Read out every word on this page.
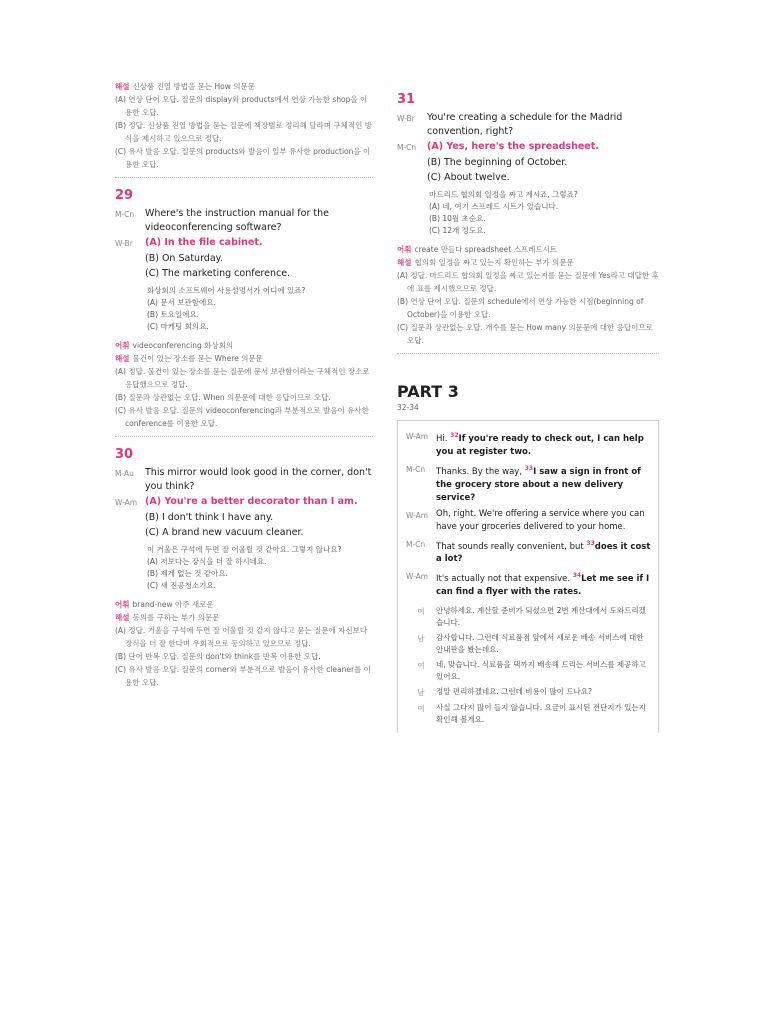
해설 신상품 진열 방법을 묻는 How 의문문

(A) 연상 단어 오답. 질문의 display와 products에서 연상 가능한 shop을 이용한 오답.

(B) 정답. 신상품 진열 방법을 묻는 질문에 책장별로 정리해 달라며 구체적인 방식을 제시하고 있으므로 정답.

(C) 유사 발음 오답. 질문의 products와 발음이 일부 유사한 production을 이용한 오답.

29
M-Cn	Where's the instruction manual for the videoconferencing software?
W-Br	(A) In the file cabinet.
(B) On Saturday.
(C) The marketing conference.

화상회의 소프트웨어 사용설명서가 어디에 있죠?

(A) 문서 보관함에요.

(B) 토요일에요.

(C) 마케팅 회의요.

어휘 videoconferencing 화상회의

해설 물건이 있는 장소를 묻는 Where 의문문

(A) 정답. 물건이 있는 장소를 묻는 질문에 문서 보관함이라는 구체적인 장소로 응답했으므로 정답.

(B) 질문과 상관없는 오답. When 의문문에 대한 응답이므로 오답.

(C) 유사 발음 오답. 질문의 videoconferencing과 부분적으로 발음이 유사한 conference를 이용한 오답.

30
M-Au	This mirror would look good in the corner, don't you think?
W-Am (A) You're a better decorator than I am.
(B) I don't think I have any.
(C) A brand new vacuum cleaner.

이 거울은 구석에 두면 잘 어울릴 것 같아요. 그렇지 않나요?

(A) 저보다는 장식을 더 잘 하시네요.

(B) 제게 없는 것 같아요.

(C) 새 진공청소기요.

어휘 brand-new 아주 새로운

해설 동의를 구하는 부가 의문문

(A) 정답. 거울을 구석에 두면 잘 어울릴 것 같지 않냐고 묻는 질문에 자신보다 장식을 더 잘 한다며 우회적으로 동의하고 있으므로 정답.

(B) 단어 반복 오답. 질문의 don't와 think를 반복 이용한 오답.

(C) 유사 발음 오답. 질문의 corner와 부분적으로 발음이 유사한 cleaner를 이용한 오답.

31
W-Br	You're creating a schedule for the Madrid convention, right?
M-Cn	(A) Yes, here's the spreadsheet.
(B) The beginning of October.
(C) About twelve.

마드리드 협의회 일정을 짜고 계시죠, 그렇죠?

(A) 네, 여기 스프레드 시트가 있습니다.

(B) 10월 초순요.

(C) 12개 정도요.

어휘 create 만들다 spreadsheet 스프레드시트

해설 협의회 일정을 짜고 있는지 확인하는 부가 의문문

(A) 정답. 마드리드 협의회 일정을 짜고 있는지를 묻는 질문에 Yes라고 대답한 후에 표를 제시했으므로 정답.

(B) 연상 단어 오답. 질문의 schedule에서 연상 가능한 시점(beginning of October)을 이용한 오답.

(C) 질문과 상관없는 오답. 개수를 묻는 How many 의문문에 대한 응답이므로 오답.

PART 3
32-34
W-Am Hi. $^{32}$If you're ready to check out, I can help you at register two.
M-Cn	Thanks. By the way, $^{33}$I saw a sign in front of the grocery store about a new delivery service?
W-Am Oh, right. We're offering a service where you can have your groceries delivered to your home.
M-Cn	That sounds really convenient, but $^{33}$does it cost a lot?
W-Am It's actually not that expensive. $^{34}$Let me see if I can find a flyer with the rates.
여	안녕하세요. 계산할 준비가 되셨으면 2번 계산대에서 도와드리겠습니다.
남	감사합니다. 그런데 식료품점 앞에서 새로운 배송 서비스에 대한 안내판을 봤는데요.
여	네, 맞습니다. 식료품을 댁까지 배송해 드리는 서비스를 제공하고 있어요.
남	정말 편리하겠네요. 그런데 비용이 많이 드나요?
여	사실 그다지 많이 들지 않습니다. 요금이 표시된 전단지가 있는지 확인해 볼게요.
